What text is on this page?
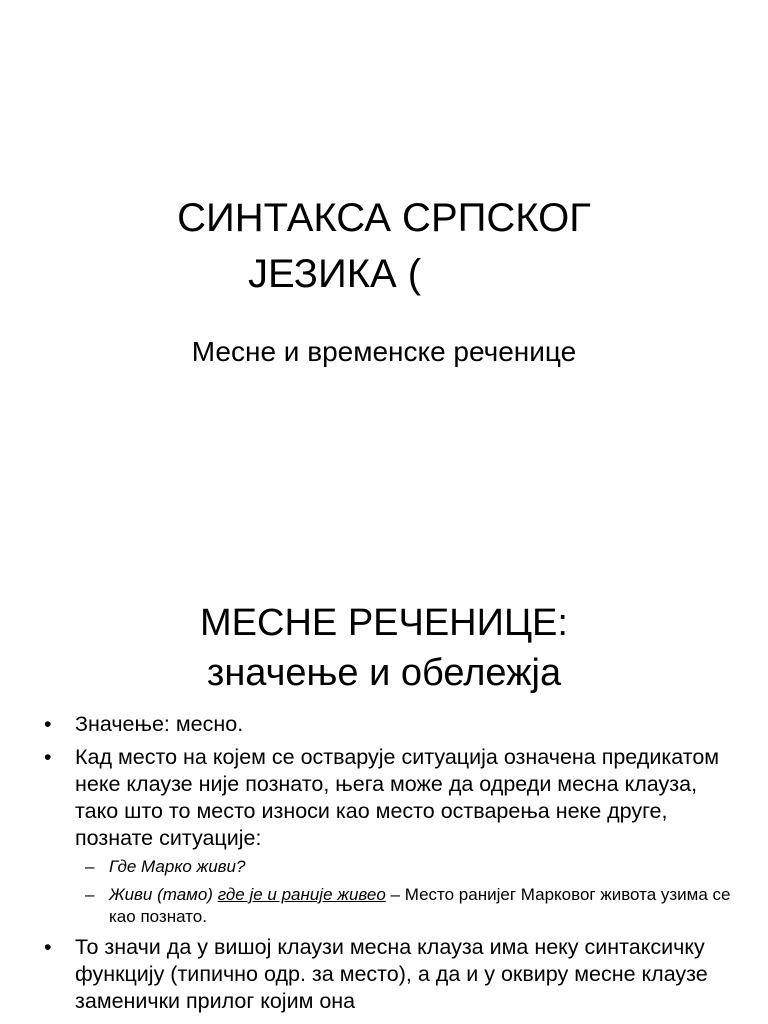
СИНТАКСА СРПСКОГ
ЈЕЗИКА (
Месне и временске реченице
МЕСНЕ РЕЧЕНИЦЕ:
значење и обележја
• Значење: месно.
• Кад место на којем се остварује ситуација означена предикатом неке клаузе није познато, њега може да одреди месна клауза, тако што то место износи као место остварења неке друге, познате ситуације:
– Где Марко живи?
– Живи (тамо) где је и раније живео – Место ранијег Марковог живота узима се као познато.
• То значи да у вишој клаузи месна клауза има неку синтаксичку функцију (типично одр. за место), а да и у оквиру месне клаузе заменички прилог којим она
